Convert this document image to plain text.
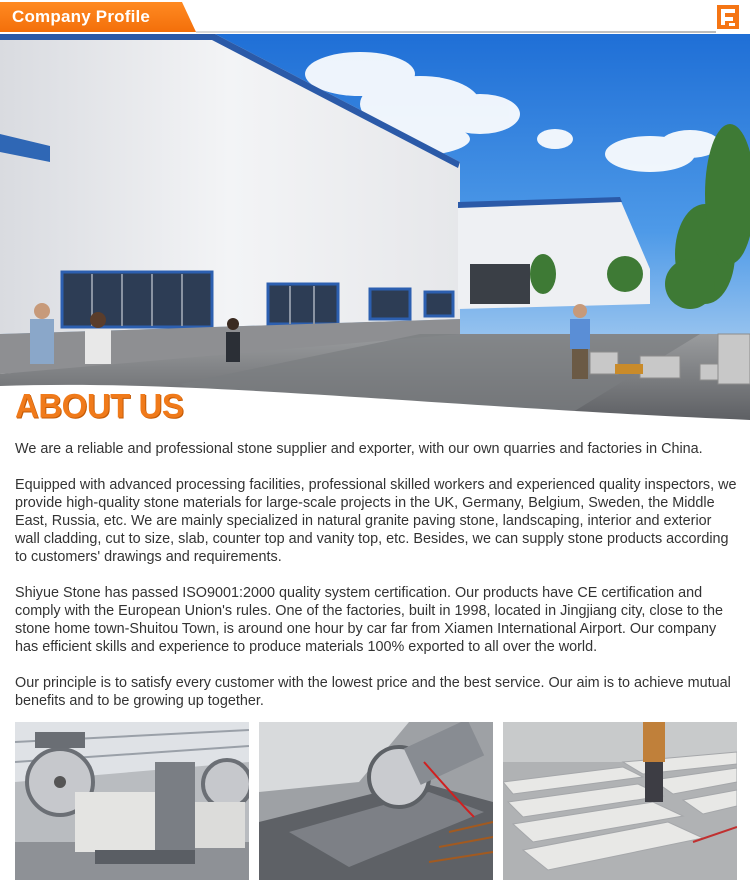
Company Profile
ABOUT US

We are a reliable and professional stone supplier and exporter, with our own quarries and factories in China.

Equipped with advanced processing facilities, professional skilled workers and experienced quality inspectors, we provide high-quality stone materials for large-scale projects in the UK, Germany, Belgium, Sweden, the Middle East, Russia, etc. We are mainly specialized in natural granite paving stone, landscaping, interior and exterior wall cladding, cut to size, slab, counter top and vanity top, etc. Besides, we can supply stone products according to customers' drawings and requirements.

Shiyue Stone has passed ISO9001:2000 quality system certification. Our products have CE certification and comply with the European Union's rules. One of the factories, built in 1998, located in Jingjiang city, close to the stone home town-Shuitou Town, is around one hour by car far from Xiamen International Airport. Our company has efficient skills and experience to produce materials 100% exported to all over the world.

Our principle is to satisfy every customer with the lowest price and the best service. Our aim is to achieve mutual benefits and to be growing up together.
